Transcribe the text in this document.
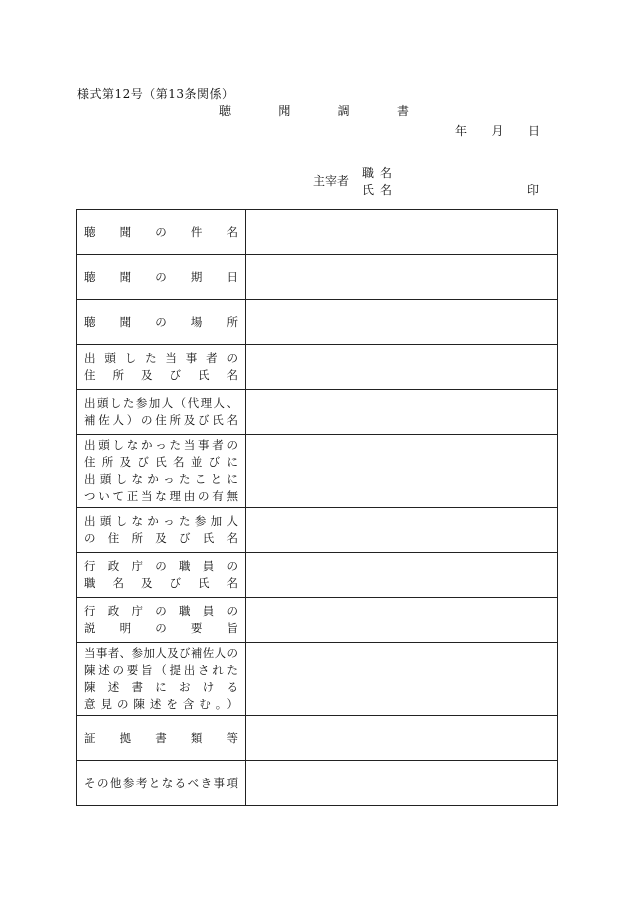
様式第12号（第13条関係）
聴	聞	調	書
年 月 日
主宰者
職名
氏名	印
聴聞の件名	

聴聞の期日	

聴聞の場所	

出頭した当事者の
住所及び氏名	

出頭した参加人（代理人、
補佐人）の住所及び氏名	

出頭しなかった当事者の
住所及び氏名並びに
出頭しなかったことに
ついて正当な理由の有無	

出頭しなかった参加人
の住所及び氏名	

行政庁の職員の
職名及び氏名	

行政庁の職員の
説明の要旨	

当事者、参加人及び補佐人の
陳述の要旨（提出された
陳述書における
意見の陳述を含む。）	

証拠書類等	

その他参考となるべき事項	
